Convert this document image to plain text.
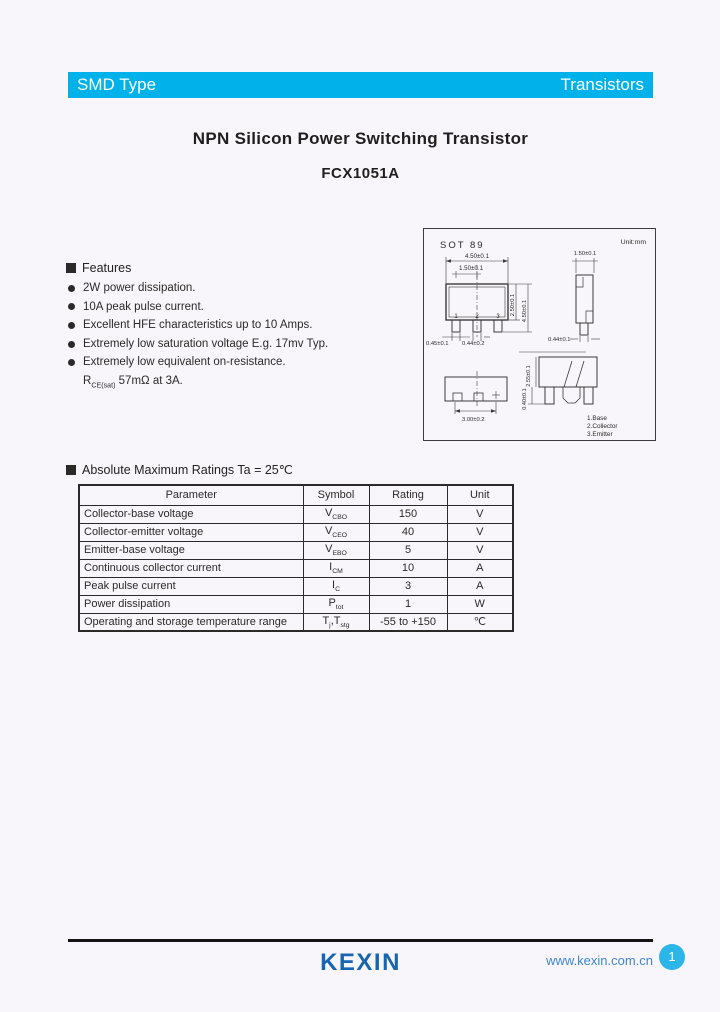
SMD Type	Transistors
NPN Silicon Power Switching Transistor
FCX1051A
Features
2W power dissipation.
10A peak pulse current.
Excellent HFE characteristics up to 10 Amps.
Extremely low saturation voltage E.g. 17mv Typ.
Extremely low equivalent on-resistance.
$R_{CE(sat)}$ 57mΩ at 3A.
SOT 89	Unit:mm
4.50±0.1
1.50±0.1
2.50±0.1 4.50±0.1
0.45±0.1 0.44±0.2
1.50±0.1
0.44±0.1
3.00±0.2
2.55±0.1
0.40±0.1
1	2	3
1.Base
2.Collector
3.Emitter
Absolute Maximum Ratings Ta = 25℃
Parameter	Symbol	Rating	Unit
Collector-base voltage	$V_{CBO}$	150	V
Collector-emitter voltage	$V_{CEO}$	40	V
Emitter-base voltage	$V_{EBO}$	5	V
Continuous collector current	$I_{CM}$	10	A
Peak pulse current	$I_C$	3	A
Power dissipation	$P_{tot}$	1	W
Operating and storage temperature range	$T_j,T_{stg}$	-55 to +150	℃
KEXIN	www.kexin.com.cn	1
